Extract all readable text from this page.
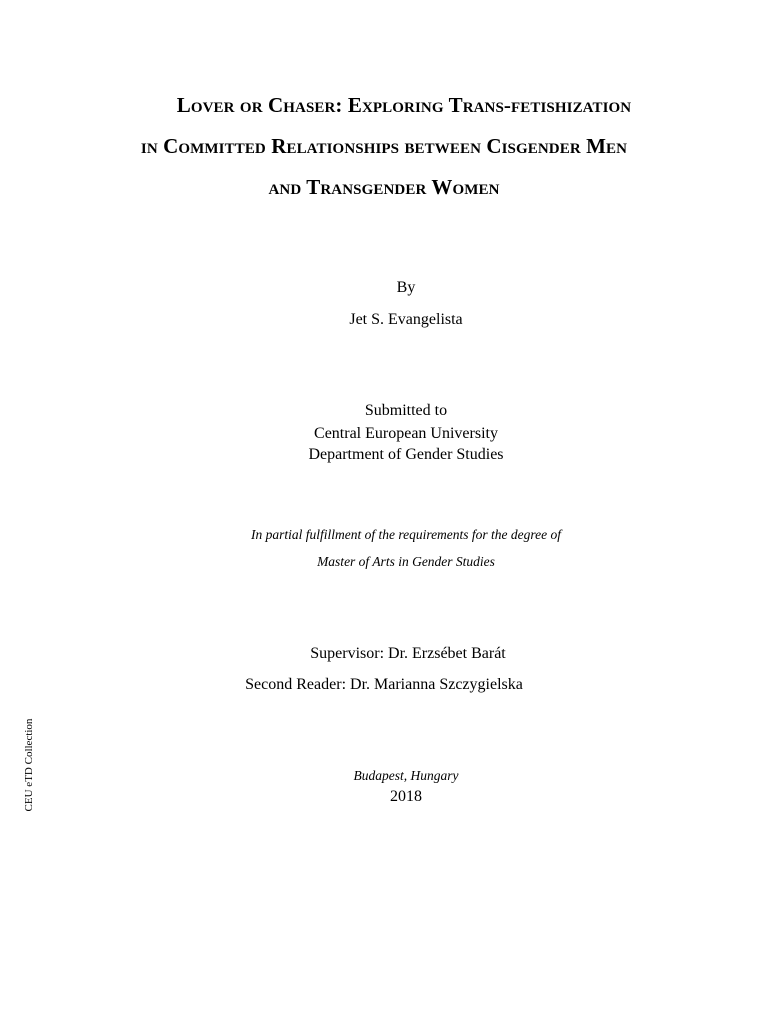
Lover or Chaser: Exploring Trans-fetishization
in Committed Relationships between Cisgender Men
and Transgender Women
By
Jet S. Evangelista
Submitted to
Central European University
Department of Gender Studies
In partial fulfillment of the requirements for the degree of
Master of Arts in Gender Studies
Supervisor: Dr. Erzsébet Barát
Second Reader: Dr. Marianna Szczygielska
Budapest, Hungary
2018
CEU eTD Collection
